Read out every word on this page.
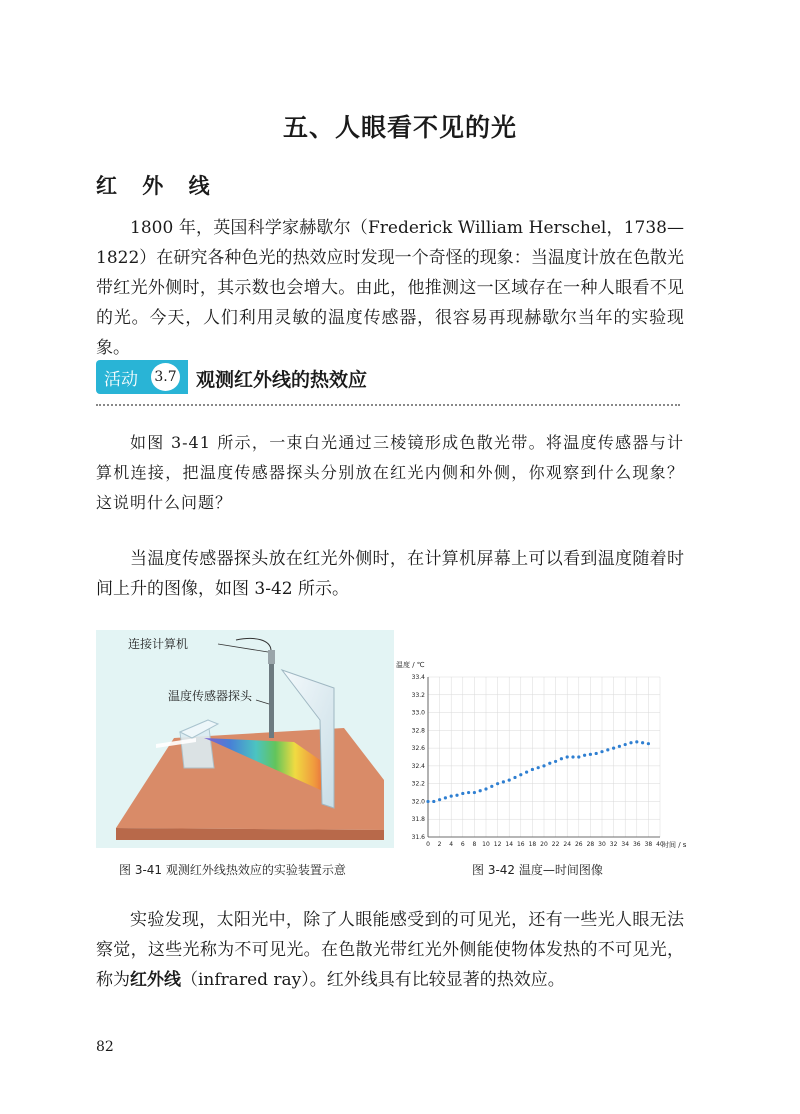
五、人眼看不见的光
红 外 线
1800 年，英国科学家赫歇尔（Frederick William Herschel，1738—1822）在研究各种色光的热效应时发现一个奇怪的现象：当温度计放在色散光带红光外侧时，其示数也会增大。由此，他推测这一区域存在一种人眼看不见的光。今天，人们利用灵敏的温度传感器，很容易再现赫歇尔当年的实验现象。
活动 3.7 观测红外线的热效应
如图 3-41 所示，一束白光通过三棱镜形成色散光带。将温度传感器与计算机连接，把温度传感器探头分别放在红光内侧和外侧，你观察到什么现象？这说明什么问题？
当温度传感器探头放在红光外侧时，在计算机屏幕上可以看到温度随着时间上升的图像，如图 3-42 所示。
连接计算机
温度传感器探头
温度 / ℃
时间 / s
0 2 4 6 8 10 12 14 16 18 20 22 24 26 28 30 32 34 36 38 40
31.6
31.8
32.0
32.2
32.4
32.6
32.8
33.0
33.2
33.4
图 3-41 观测红外线热效应的实验装置示意	图 3-42 温度—时间图像
实验发现，太阳光中，除了人眼能感受到的可见光，还有一些光人眼无法察觉，这些光称为不可见光。在色散光带红光外侧能使物体发热的不可见光，称为红外线（infrared ray）。红外线具有比较显著的热效应。
82
